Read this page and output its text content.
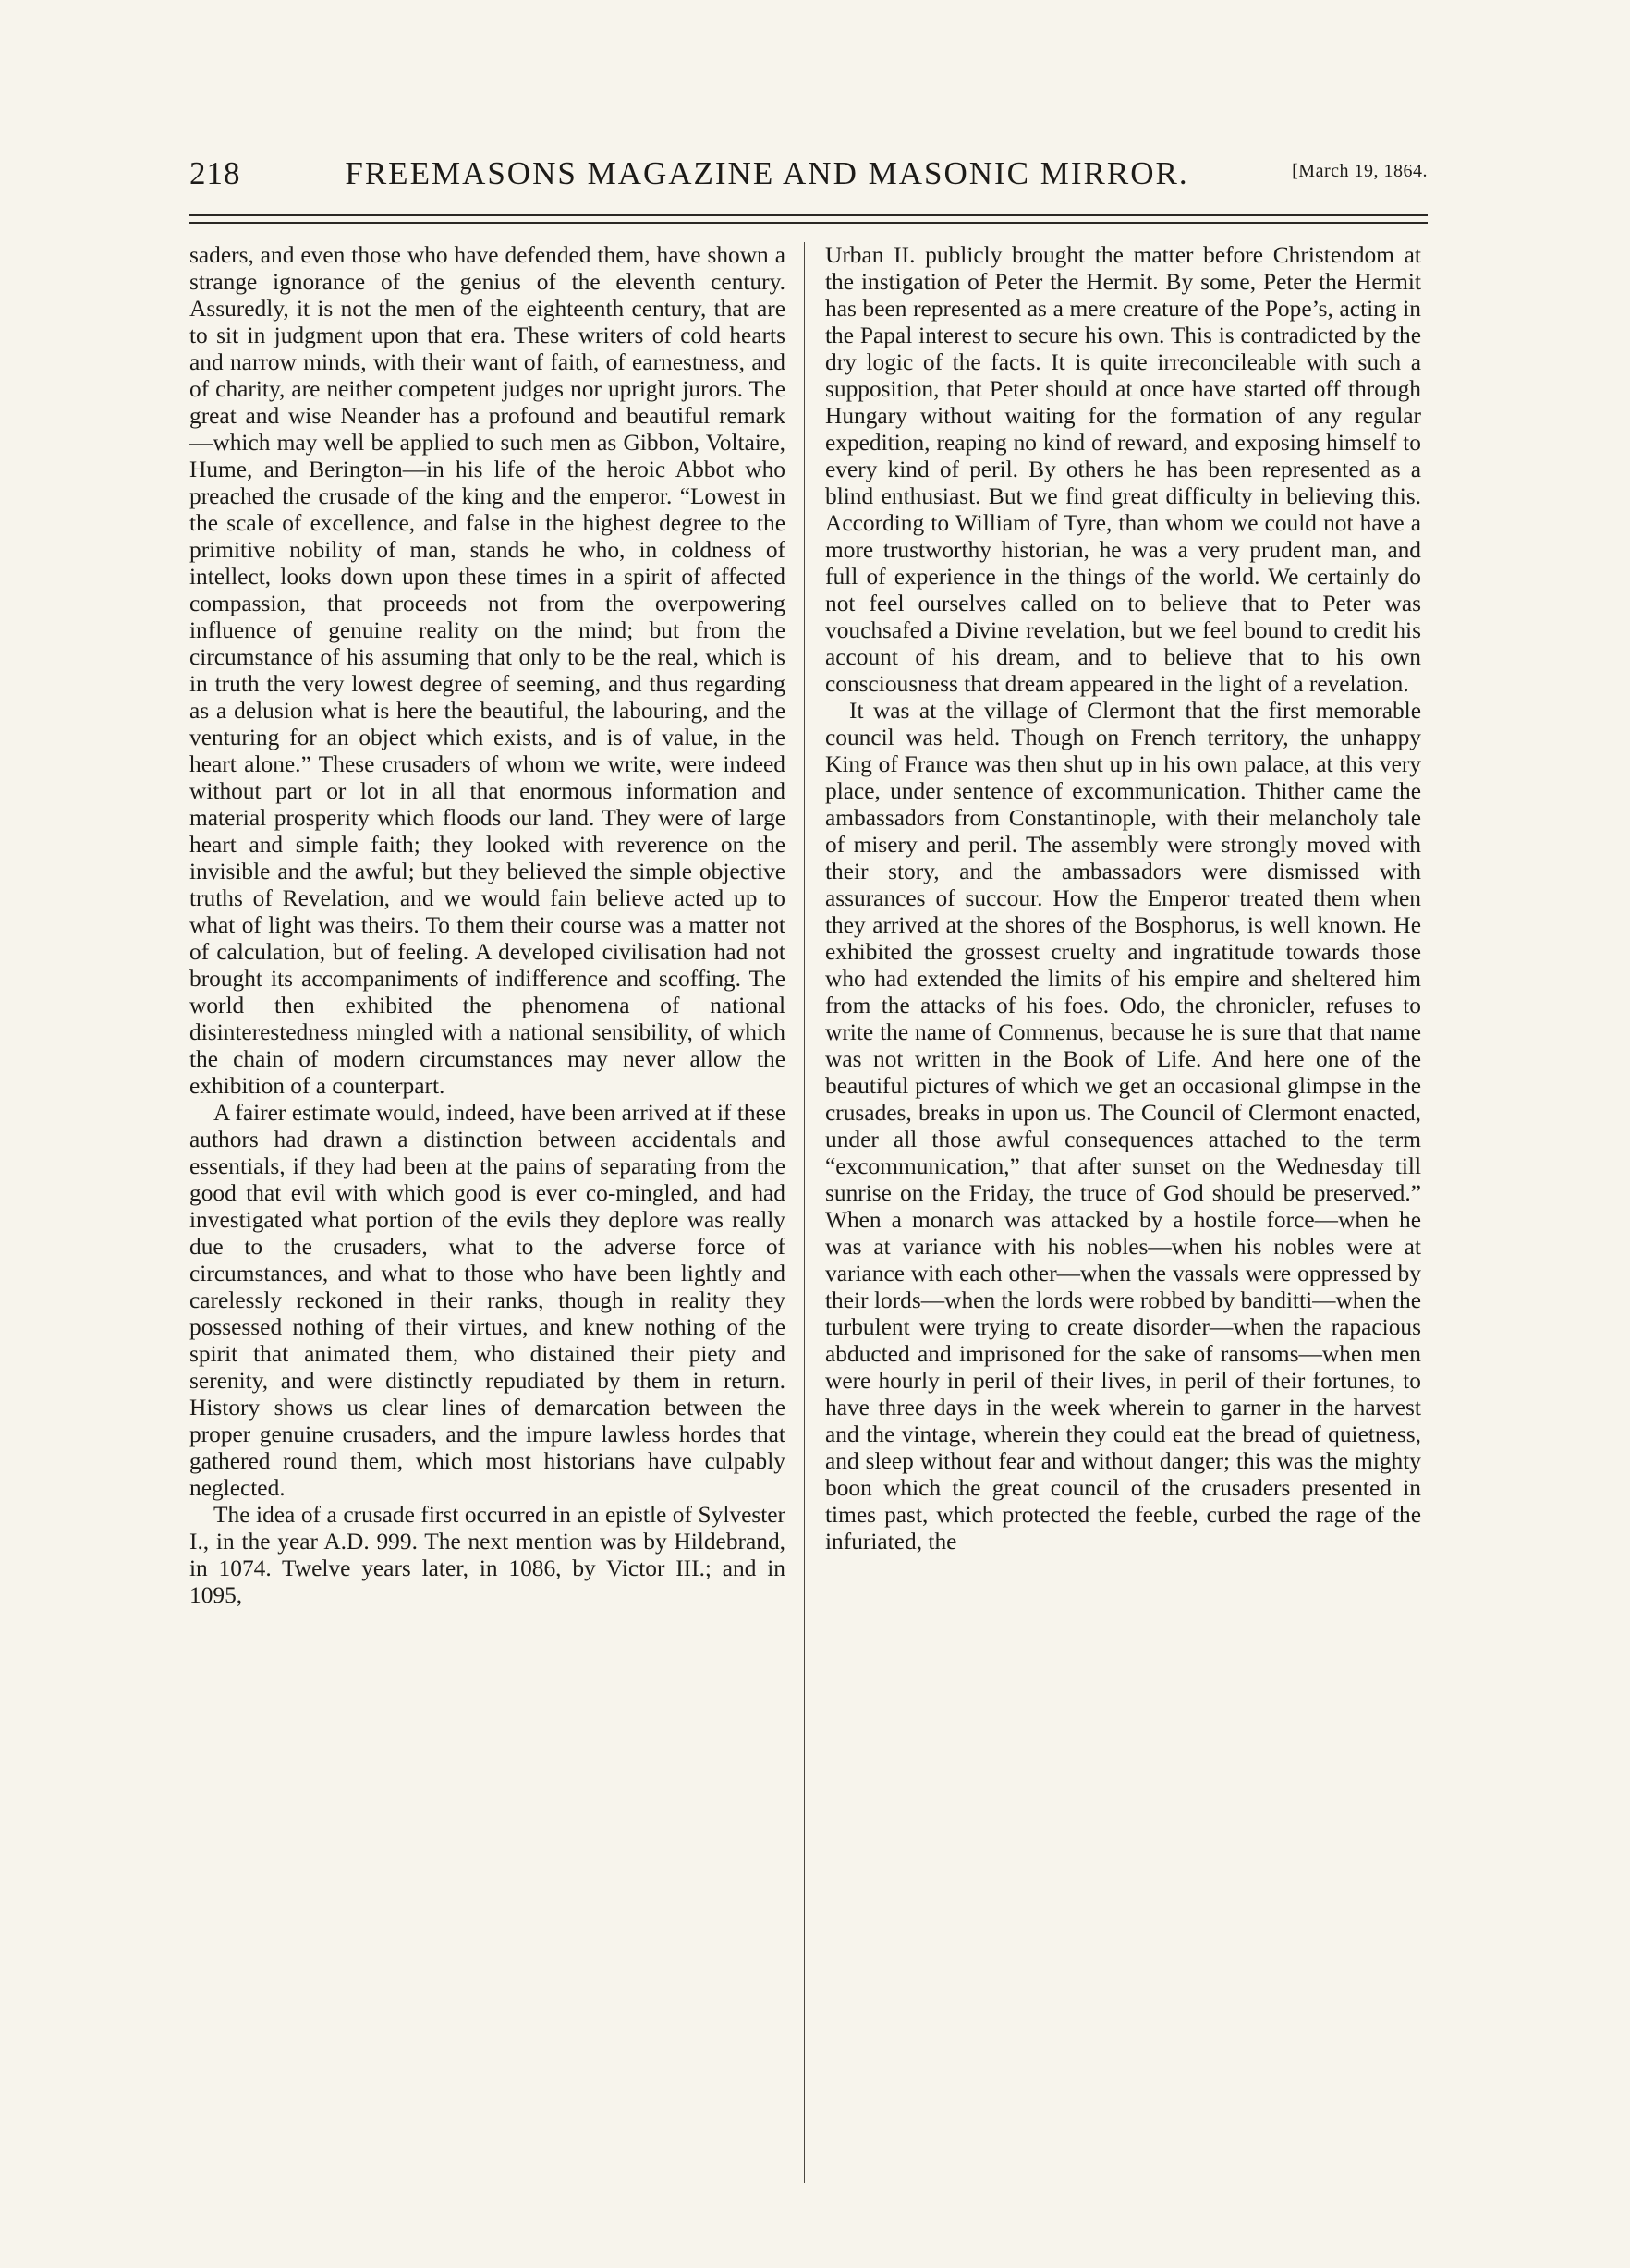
218	FREEMASONS MAGAZINE AND MASONIC MIRROR.	[March 19, 1864.

saders, and even those who have defended them, have shown a strange ignorance of the genius of the eleventh century. Assuredly, it is not the men of the eighteenth century, that are to sit in judgment upon that era. These writers of cold hearts and narrow minds, with their want of faith, of earnestness, and of charity, are neither competent judges nor upright jurors. The great and wise Neander has a profound and beautiful remark —which may well be applied to such men as Gibbon, Voltaire, Hume, and Berington—in his life of the heroic Abbot who preached the crusade of the king and the emperor. “Lowest in the scale of excellence, and false in the highest degree to the primitive nobility of man, stands he who, in coldness of intellect, looks down upon these times in a spirit of affected compassion, that proceeds not from the overpowering influence of genuine reality on the mind; but from the circumstance of his assuming that only to be the real, which is in truth the very lowest degree of seeming, and thus regarding as a delusion what is here the beautiful, the labouring, and the venturing for an object which exists, and is of value, in the heart alone.” These crusaders of whom we write, were indeed without part or lot in all that enormous information and material prosperity which floods our land. They were of large heart and simple faith; they looked with reverence on the invisible and the awful; but they believed the simple objective truths of Revelation, and we would fain believe acted up to what of light was theirs. To them their course was a matter not of calculation, but of feeling. A developed civilisation had not brought its accompaniments of indifference and scoffing. The world then exhibited the phenomena of national disinterestedness mingled with a national sensibility, of which the chain of modern circumstances may never allow the exhibition of a counterpart.

A fairer estimate would, indeed, have been arrived at if these authors had drawn a distinction between accidentals and essentials, if they had been at the pains of separating from the good that evil with which good is ever co-mingled, and had investigated what portion of the evils they deplore was really due to the crusaders, what to the adverse force of circumstances, and what to those who have been lightly and carelessly reckoned in their ranks, though in reality they possessed nothing of their virtues, and knew nothing of the spirit that animated them, who distained their piety and serenity, and were distinctly repudiated by them in return. History shows us clear lines of demarcation between the proper genuine crusaders, and the impure lawless hordes that gathered round them, which most historians have culpably neglected.

The idea of a crusade first occurred in an epistle of Sylvester I., in the year A.D. 999. The next mention was by Hildebrand, in 1074. Twelve years later, in 1086, by Victor III.; and in 1095,

Urban II. publicly brought the matter before Christendom at the instigation of Peter the Hermit. By some, Peter the Hermit has been represented as a mere creature of the Pope’s, acting in the Papal interest to secure his own. This is contradicted by the dry logic of the facts. It is quite irreconcileable with such a supposition, that Peter should at once have started off through Hungary without waiting for the formation of any regular expedition, reaping no kind of reward, and exposing himself to every kind of peril. By others he has been represented as a blind enthusiast. But we find great difficulty in believing this. According to William of Tyre, than whom we could not have a more trustworthy historian, he was a very prudent man, and full of experience in the things of the world. We certainly do not feel ourselves called on to believe that to Peter was vouchsafed a Divine revelation, but we feel bound to credit his account of his dream, and to believe that to his own consciousness that dream appeared in the light of a revelation.

It was at the village of Clermont that the first memorable council was held. Though on French territory, the unhappy King of France was then shut up in his own palace, at this very place, under sentence of excommunication. Thither came the ambassadors from Constantinople, with their melancholy tale of misery and peril. The assembly were strongly moved with their story, and the ambassadors were dismissed with assurances of succour. How the Emperor treated them when they arrived at the shores of the Bosphorus, is well known. He exhibited the grossest cruelty and ingratitude towards those who had extended the limits of his empire and sheltered him from the attacks of his foes. Odo, the chronicler, refuses to write the name of Comnenus, because he is sure that that name was not written in the Book of Life. And here one of the beautiful pictures of which we get an occasional glimpse in the crusades, breaks in upon us. The Council of Clermont enacted, under all those awful consequences attached to the term “excommunication,” that after sunset on the Wednesday till sunrise on the Friday, the truce of God should be preserved.” When a monarch was attacked by a hostile force—when he was at variance with his nobles—when his nobles were at variance with each other—when the vassals were oppressed by their lords—when the lords were robbed by banditti—when the turbulent were trying to create disorder—when the rapacious abducted and imprisoned for the sake of ransoms—when men were hourly in peril of their lives, in peril of their fortunes, to have three days in the week wherein to garner in the harvest and the vintage, wherein they could eat the bread of quietness, and sleep without fear and without danger; this was the mighty boon which the great council of the crusaders presented in times past, which protected the feeble, curbed the rage of the infuriated, the
